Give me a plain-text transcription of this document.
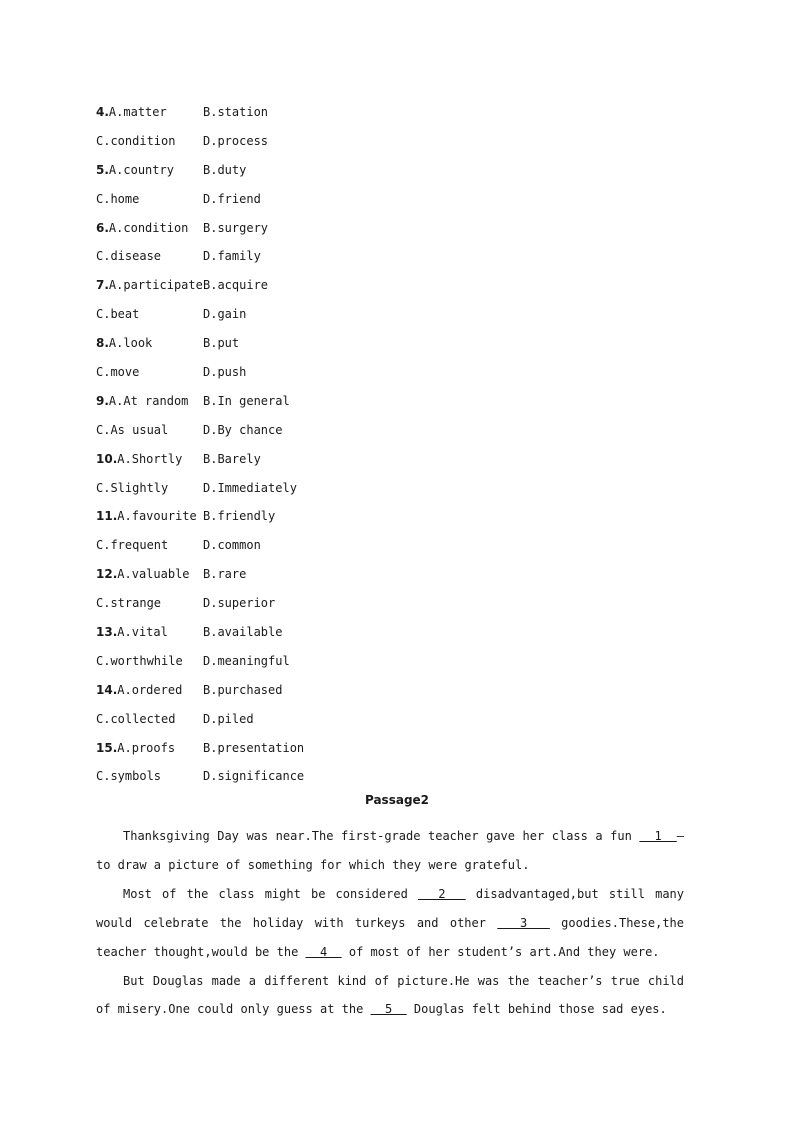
4.A.matter	B.station
C.condition	D.process
5.A.country	B.duty
C.home	D.friend
6.A.condition	B.surgery
C.disease	D.family
7.A.participate B.acquire
C.beat	D.gain
8.A.look	B.put
C.move	D.push
9.A.At random	B.In general
C.As usual	D.By chance
10.A.Shortly	B.Barely
C.Slightly	D.Immediately
11.A.favourite B.friendly
C.frequent	D.common
12.A.valuable	B.rare
C.strange	D.superior
13.A.vital	B.available
C.worthwhile	D.meaningful
14.A.ordered	B.purchased
C.collected	D.piled
15.A.proofs	B.presentation
C.symbols	D.significance
Passage2

Thanksgiving Day was near.The first-grade teacher gave her class a fun   1  —to draw a picture of something for which they were grateful.

Most of the class might be considered   2   disadvantaged,but still many would celebrate the holiday with turkeys and other   3   goodies.These,the teacher thought,would be the   4   of most of her student’s art.And they were.

But Douglas made a different kind of picture.He was the teacher’s true child of misery.One could only guess at the   5   Douglas felt behind those sad eyes.
